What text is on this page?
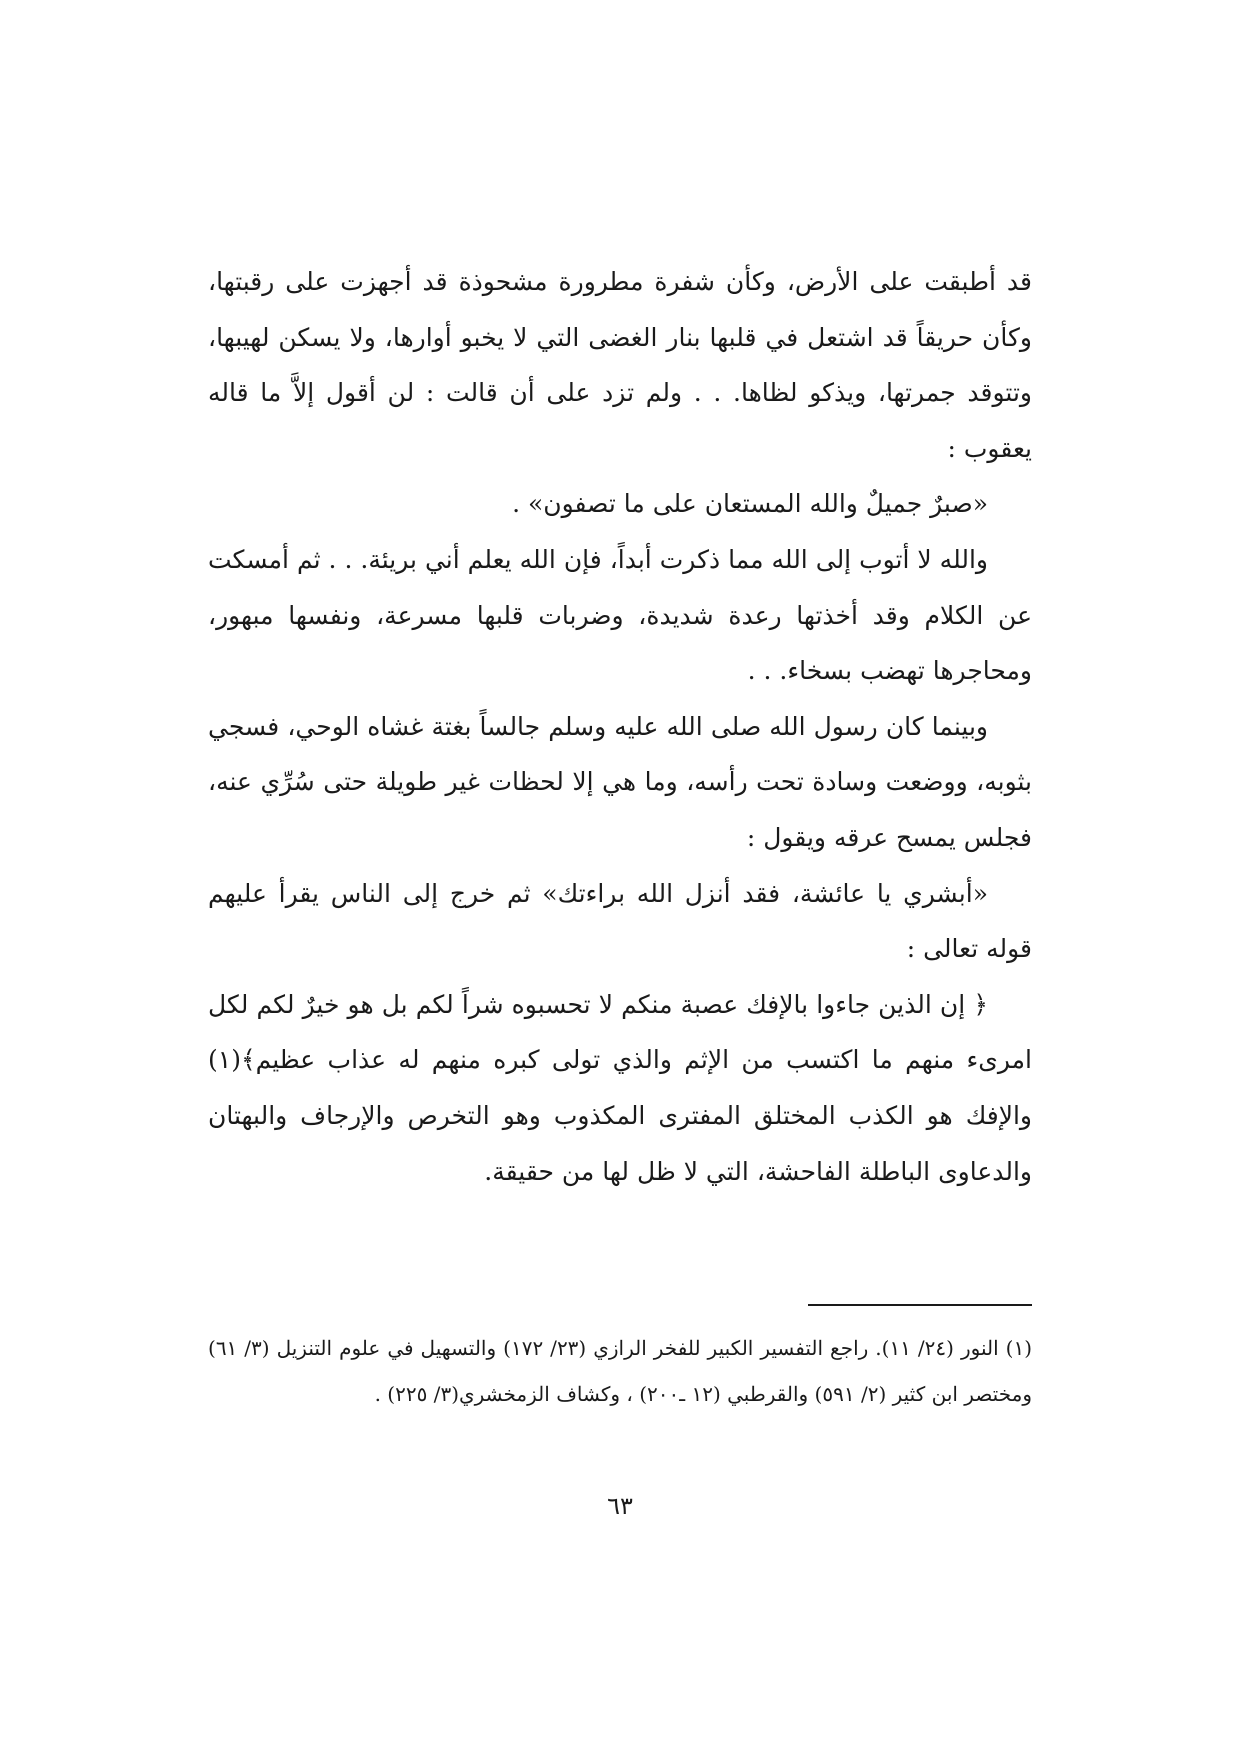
قد أطبقت على الأرض، وكأن شفرة مطرورة مشحوذة قد أجهزت على رقبتها، وكأن حريقاً قد اشتعل في قلبها بنار الغضى التي لا يخبو أوارها، ولا يسكن لهيبها، وتتوقد جمرتها، ويذكو لظاها. . . ولم تزد على أن قالت : لن أقول إلاَّ ما قاله يعقوب :

«صبرٌ جميلٌ والله المستعان على ما تصفون» .

والله لا أتوب إلى الله مما ذكرت أبداً، فإن الله يعلم أني بريئة. . . ثم أمسكت عن الكلام وقد أخذتها رعدة شديدة، وضربات قلبها مسرعة، ونفسها مبهور، ومحاجرها تهضب بسخاء. . .

وبينما كان رسول الله صلى الله عليه وسلم جالساً بغتة غشاه الوحي، فسجي بثوبه، ووضعت وسادة تحت رأسه، وما هي إلا لحظات غير طويلة حتى سُرِّي عنه، فجلس يمسح عرقه ويقول :

«أبشري يا عائشة، فقد أنزل الله براءتك» ثم خرج إلى الناس يقرأ عليهم قوله تعالى :

﴿ إن الذين جاءوا بالإفك عصبة منكم لا تحسبوه شراً لكم بل هو خيرٌ لكم لكل امرىء منهم ما اكتسب من الإثم والذي تولى كبره منهم له عذاب عظيم﴾(١) والإفك هو الكذب المختلق المفترى المكذوب وهو التخرص والإرجاف والبهتان والدعاوى الباطلة الفاحشة، التي لا ظل لها من حقيقة.

(١) النور (٢٤/ ١١). راجع التفسير الكبير للفخر الرازي (٢٣/ ١٧٢) والتسهيل في علوم التنزيل (٣/ ٦١) ومختصر ابن كثير (٢/ ٥٩١) والقرطبي (١٢ ـ٢٠٠) ، وكشاف الزمخشري(٣/ ٢٢٥) .

٦٣
